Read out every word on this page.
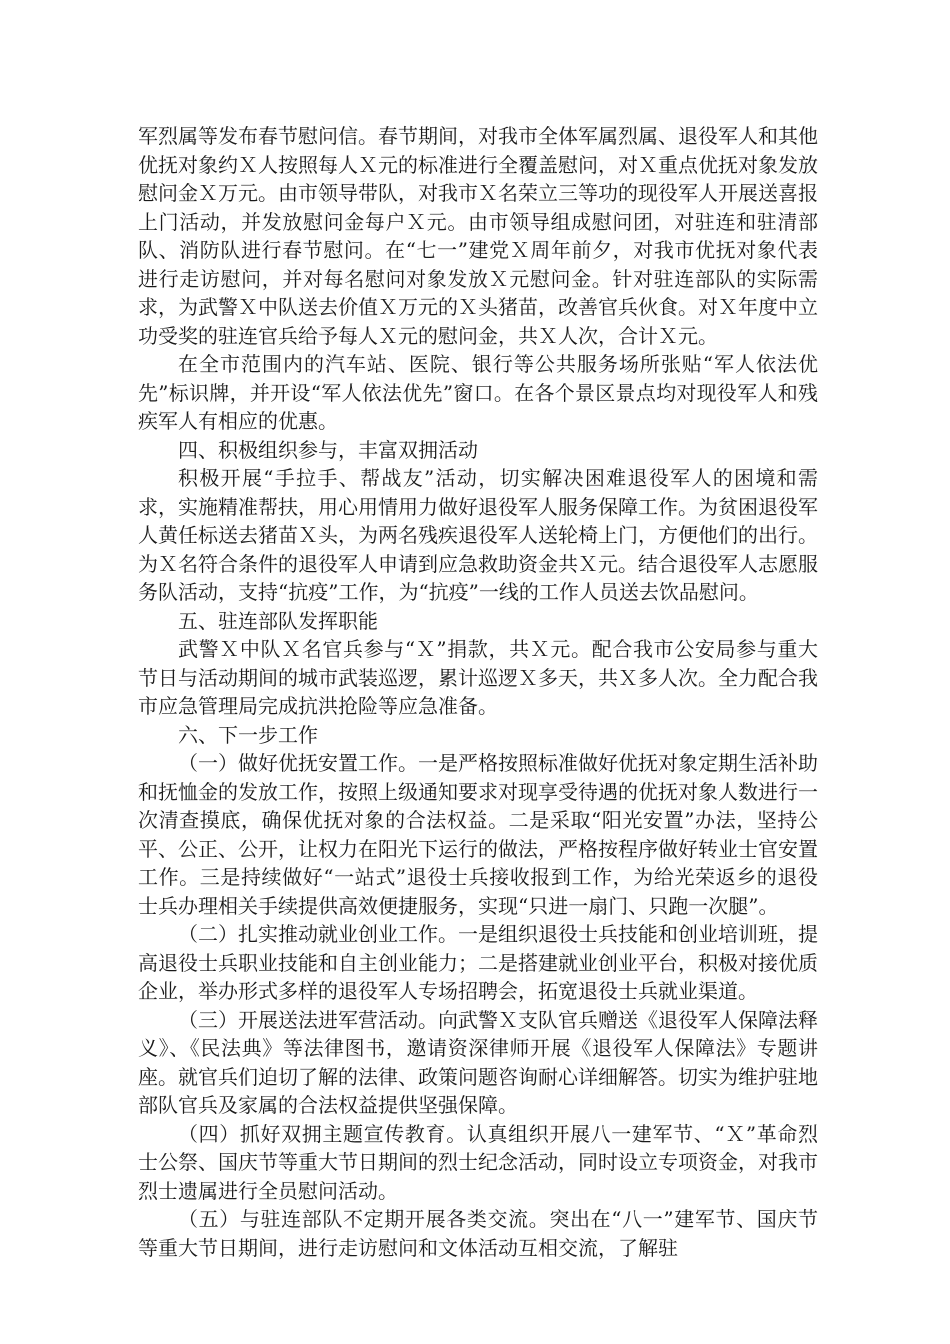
军烈属等发布春节慰问信。春节期间，对我市全体军属烈属、退役军人和其他优抚对象约Ｘ人按照每人Ｘ元的标准进行全覆盖慰问，对Ｘ重点优抚对象发放慰问金Ｘ万元。由市领导带队，对我市Ｘ名荣立三等功的现役军人开展送喜报上门活动，并发放慰问金每户Ｘ元。由市领导组成慰问团，对驻连和驻清部队、消防队进行春节慰问。在“七一”建党Ｘ周年前夕，对我市优抚对象代表进行走访慰问，并对每名慰问对象发放Ｘ元慰问金。针对驻连部队的实际需求，为武警Ｘ中队送去价值Ｘ万元的Ｘ头猪苗，改善官兵伙食。对Ｘ年度中立功受奖的驻连官兵给予每人Ｘ元的慰问金，共Ｘ人次，合计Ｘ元。

在全市范围内的汽车站、医院、银行等公共服务场所张贴“军人依法优先”标识牌，并开设“军人依法优先”窗口。在各个景区景点均对现役军人和残疾军人有相应的优惠。

四、积极组织参与，丰富双拥活动

积极开展“手拉手、帮战友”活动，切实解决困难退役军人的困境和需求，实施精准帮扶，用心用情用力做好退役军人服务保障工作。为贫困退役军人黄任标送去猪苗Ｘ头，为两名残疾退役军人送轮椅上门，方便他们的出行。为Ｘ名符合条件的退役军人申请到应急救助资金共Ｘ元。结合退役军人志愿服务队活动，支持“抗疫”工作，为“抗疫”一线的工作人员送去饮品慰问。

五、驻连部队发挥职能

武警Ｘ中队Ｘ名官兵参与“Ｘ”捐款，共Ｘ元。配合我市公安局参与重大节日与活动期间的城市武装巡逻，累计巡逻Ｘ多天，共Ｘ多人次。全力配合我市应急管理局完成抗洪抢险等应急准备。

六、下一步工作

（一）做好优抚安置工作。一是严格按照标准做好优抚对象定期生活补助和抚恤金的发放工作，按照上级通知要求对现享受待遇的优抚对象人数进行一次清查摸底，确保优抚对象的合法权益。二是采取“阳光安置”办法，坚持公平、公正、公开，让权力在阳光下运行的做法，严格按程序做好转业士官安置工作。三是持续做好“一站式”退役士兵接收报到工作，为给光荣返乡的退役士兵办理相关手续提供高效便捷服务，实现“只进一扇门、只跑一次腿”。

（二）扎实推动就业创业工作。一是组织退役士兵技能和创业培训班，提高退役士兵职业技能和自主创业能力；二是搭建就业创业平台，积极对接优质企业，举办形式多样的退役军人专场招聘会，拓宽退役士兵就业渠道。

（三）开展送法进军营活动。向武警Ｘ支队官兵赠送《退役军人保障法释义》、《民法典》等法律图书，邀请资深律师开展《退役军人保障法》专题讲座。就官兵们迫切了解的法律、政策问题咨询耐心详细解答。切实为维护驻地部队官兵及家属的合法权益提供坚强保障。

（四）抓好双拥主题宣传教育。认真组织开展八一建军节、“Ｘ”革命烈士公祭、国庆节等重大节日期间的烈士纪念活动，同时设立专项资金，对我市烈士遗属进行全员慰问活动。

（五）与驻连部队不定期开展各类交流。突出在“八一”建军节、国庆节等重大节日期间，进行走访慰问和文体活动互相交流，了解驻
